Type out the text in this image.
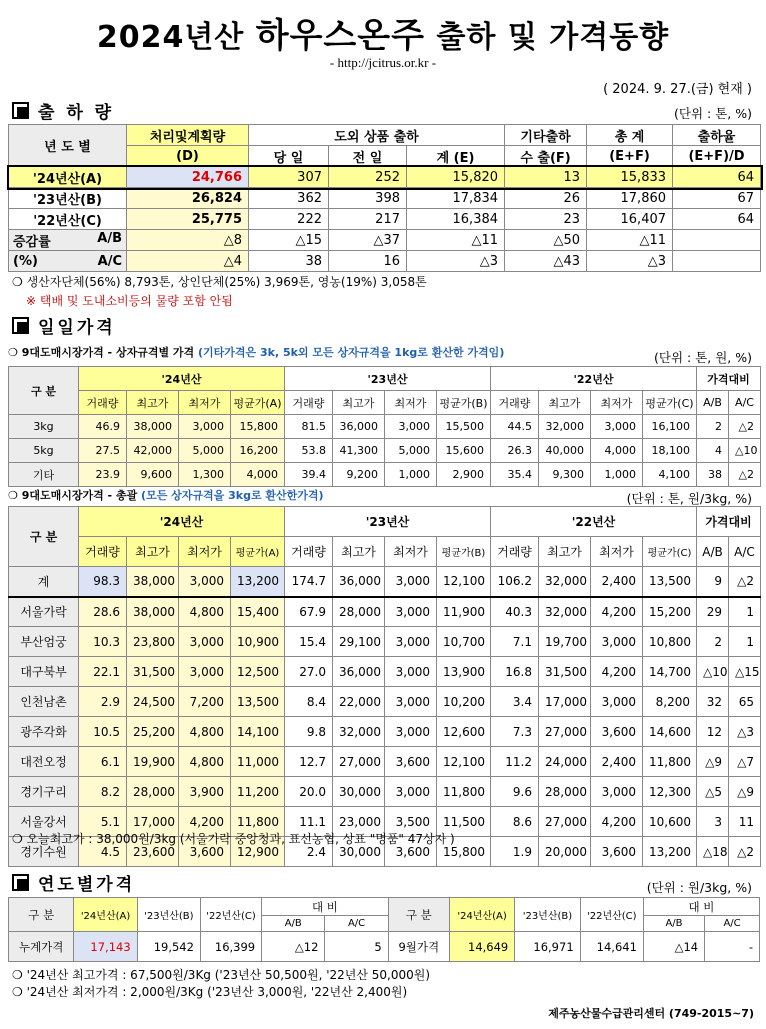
2024년산 하우스온주 출하 및 가격동향
- http://jcitrus.or.kr -
( 2024. 9. 27.(금) 현재 )
출 하 량	(단위 : 톤, %)
년 도 별	처리및계획량	도외 상품 출하			기타출하	총 계	출하율
	(D)	당 일	전 일	계 (E)	수 출(F)	(E+F)	(E+F)/D
'24년산(A)	24,766	307	252	15,820	13	15,833	64
'23년산(B)	26,824	362	398	17,834	26	17,860	67
'22년산(C)	25,775	222	217	16,384	23	16,407	64

증감률 A/B	△8	△15	△37	△11	△50	△11	

(%) A/C	△4	38	16	△3	△43	△3	
❍ 생산자단체(56%) 8,793톤, 상인단체(25%) 3,969톤, 영농(19%) 3,058톤
※ 택배 및 도내소비등의 물량 포함 안됨
일일가격
❍ 9대도매시장가격 - 상자규격별 가격 (기타가격은 3k, 5k외 모든 상자규격을 1kg로 환산한 가격임)	(단위 : 톤, 원, %)
구 분	'24년산				'23년산				'22년산				가격대비	
	거래량	최고가	최저가	평균가(A)	거래량	최고가	최저가	평균가(B)	거래량	최고가	최저가	평균가(C)	A/B	A/C
3kg	46.9	38,000	3,000	15,800	81.5	36,000	3,000	15,500	44.5	32,000	3,000	16,100	2	△2
5kg	27.5	42,000	5,000	16,200	53.8	41,300	5,000	15,600	26.3	40,000	4,000	18,100	4	△10
기타	23.9	9,600	1,300	4,000	39.4	9,200	1,000	2,900	35.4	9,300	1,000	4,100	38	△2
❍ 9대도매시장가격 - 총괄 (모든 상자규격을 3kg로 환산한가격)	(단위 : 톤, 원/3kg, %)
구 분	'24년산				'23년산				'22년산				가격대비	
	거래량	최고가	최저가	평균가(A)	거래량	최고가	최저가	평균가(B)	거래량	최고가	최저가	평균가(C)	A/B	A/C
계	98.3	38,000	3,000	13,200	174.7	36,000	3,000	12,100	106.2	32,000	2,400	13,500	9	△2
서울가락	28.6	38,000	4,800	15,400	67.9	28,000	3,000	11,900	40.3	32,000	4,200	15,200	29	1
부산엄궁	10.3	23,800	3,000	10,900	15.4	29,100	3,000	10,700	7.1	19,700	3,000	10,800	2	1
대구북부	22.1	31,500	3,000	12,500	27.0	36,000	3,000	13,900	16.8	31,500	4,200	14,700	△10	△15
인천남촌	2.9	24,500	7,200	13,500	8.4	22,000	3,000	10,200	3.4	17,000	3,000	8,200	32	65
광주각화	10.5	25,200	4,800	14,100	9.8	32,000	3,000	12,600	7.3	27,000	3,600	14,600	12	△3
대전오정	6.1	19,900	4,800	11,000	12.7	27,000	3,600	12,100	11.2	24,000	2,400	11,800	△9	△7
경기구리	8.2	28,000	3,900	11,200	20.0	30,000	3,000	11,800	9.6	28,000	3,000	12,300	△5	△9
서울강서	5.1	17,000	4,200	11,800	11.1	23,000	3,500	11,500	8.6	27,000	4,200	10,600	3	11
경기수원	4.5	23,600	3,600	12,900	2.4	30,000	3,600	15,800	1.9	20,000	3,600	13,200	△18	△2
❍ 오늘최고가 : 38,000원/3kg (서울가락 중앙청과, 표선농협, 상표 "명품" 47상자 )
연도별가격	(단위 : 원/3kg, %)
구 분	'24년산(A)	'23년산(B)	'22년산(C)	대 비		구 분	'24년산(A)	'23년산(B)	'22년산(C)	대 비	
				A/B	A/C					A/B	A/C
누계가격	17,143	19,542	16,399	△12	5	9월가격	14,649	16,971	14,641	△14	-
❍ '24년산 최고가격 : 67,500원/3Kg ('23년산 50,500원, '22년산 50,000원)
❍ '24년산 최저가격 : 2,000원/3Kg ('23년산 3,000원, '22년산 2,400원)
제주농산물수급관리센터 (749-2015~7)
